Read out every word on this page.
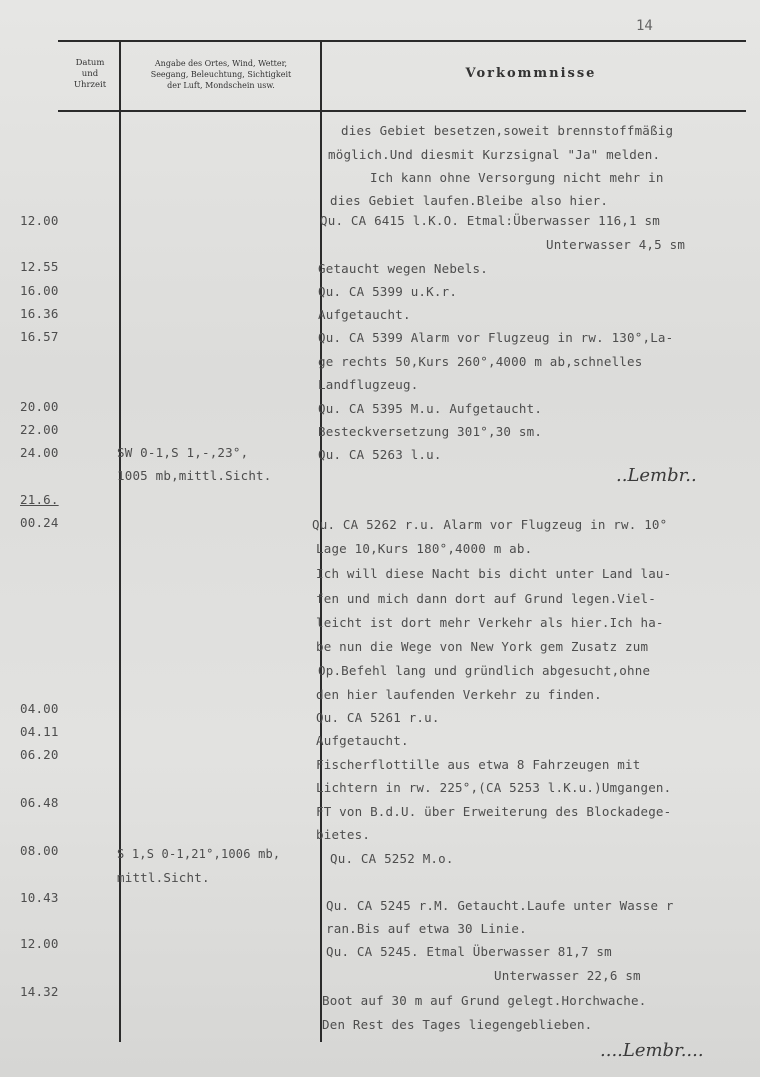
14
Datum
und
Uhrzeit
Angabe des Ortes, Wind, Wetter,
Seegang, Beleuchtung, Sichtigkeit
der Luft, Mondschein usw.
Vorkommnisse
12.00
12.55
16.00
16.36
16.57
20.00
22.00
24.00
21.6.
00.24
04.00
04.11
06.20
06.48
08.00
10.43
12.00
14.32
SW 0-1,S 1,-,23°,
1005 mb,mittl.Sicht.
S 1,S 0-1,21°,1006 mb,
mittl.Sicht.
dies Gebiet besetzen,soweit brennstoffmäßig
möglich.Und diesmit Kurzsignal "Ja" melden.
Ich kann ohne Versorgung nicht mehr in
dies Gebiet laufen.Bleibe also hier.
Qu. CA 6415 l.K.O. Etmal:Überwasser 116,1 sm
Unterwasser 4,5 sm
Getaucht wegen Nebels.
Qu. CA 5399 u.K.r.
Aufgetaucht.
Qu. CA 5399 Alarm vor Flugzeug in rw. 130°,La-
ge rechts 50,Kurs 260°,4000 m ab,schnelles
Landflugzeug.
Qu. CA 5395 M.u. Aufgetaucht.
Besteckversetzung 301°,30 sm.
Qu. CA 5263 l.u.
..Lembr..
Qu. CA 5262 r.u. Alarm vor Flugzeug in rw. 10°
Lage 10,Kurs 180°,4000 m ab.
Ich will diese Nacht bis dicht unter Land lau-
fen und mich dann dort auf Grund legen.Viel-
leicht ist dort mehr Verkehr als hier.Ich ha-
be nun die Wege von New York gem Zusatz zum
Op.Befehl lang und gründlich abgesucht,ohne
den hier laufenden Verkehr zu finden.
Qu. CA 5261 r.u.
Aufgetaucht.
Fischerflottille aus etwa 8 Fahrzeugen mit
Lichtern in rw. 225°,(CA 5253 l.K.u.)Umgangen.
FT von B.d.U. über Erweiterung des Blockadege-
bietes.
Qu. CA 5252 M.o.
Qu. CA 5245 r.M. Getaucht.Laufe unter Wasse r
ran.Bis auf etwa 30 Linie.
Qu. CA 5245. Etmal Überwasser 81,7 sm
Unterwasser 22,6 sm
Boot auf 30 m auf Grund gelegt.Horchwache.
Den Rest des Tages liegengeblieben.
....Lembr....
